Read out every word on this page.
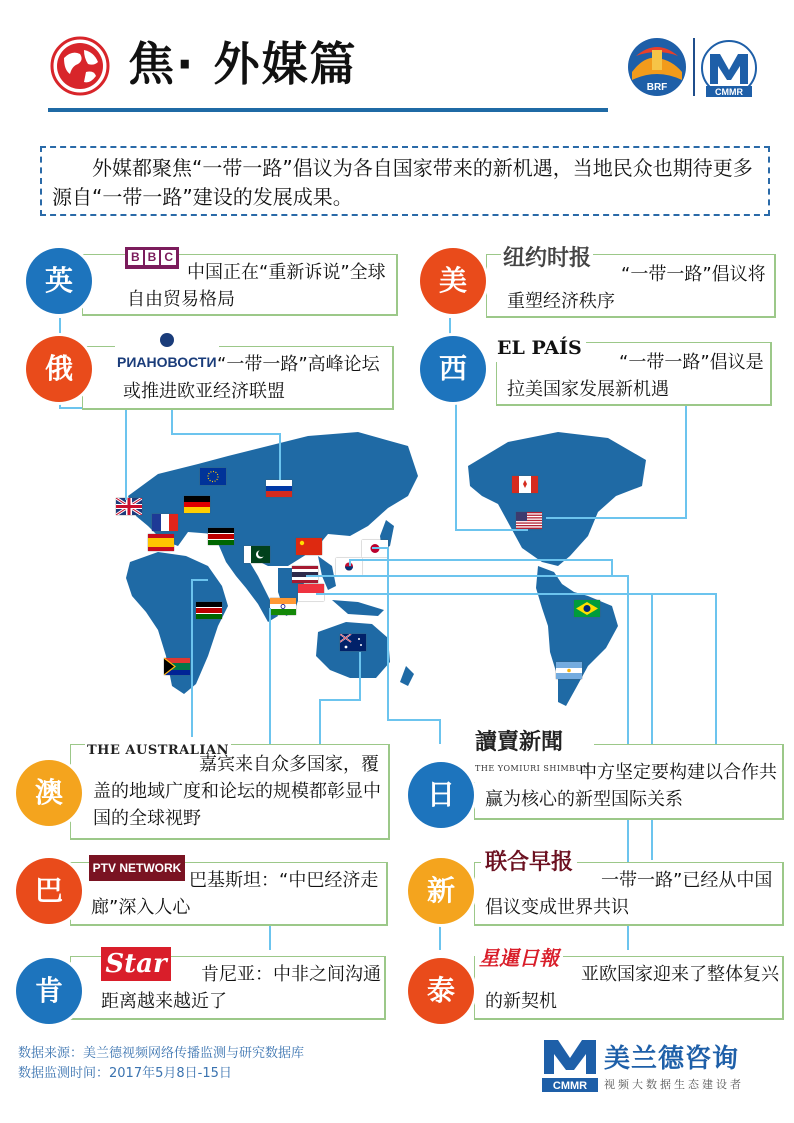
焦· 外媒篇	BRF	CMMR
外媒都聚焦“一带一路”倡议为各自国家带来的新机遇，当地民众也期待更多源自“一带一路”建设的发展成果。
B B C
中国正在“重新诉说”全球自由贸易格局
英
РИАНОВОСТИ “一带一路”高峰论坛或推进欧亚经济联盟
俄
纽约时报
“一带一路”倡议将重塑经济秩序
美
EL PAÍS
“一带一路”倡议是拉美国家发展新机遇
西
THE AUSTRALIAN
嘉宾来自众多国家，覆盖的地域广度和论坛的规模都彰显中国的全球视野
澳
讀賣新聞
THE YOMIURI SHIMBUN
中方坚定要构建以合作共赢为核心的新型国际关系
日
PTV NETWORK
巴基斯坦：“中巴经济走廊”深入人心
巴
联合早报
一带一路”已经从中国倡议变成世界共识
新
Star	肯尼亚：中非之间沟通距离越来越近了
肯
星暹日報
亚欧国家迎来了整体复兴的新契机
泰
数据来源：美兰德视频网络传播监测与研究数据库
数据监测时间：2017年5月8日-15日
CMMR
美兰德咨询
视频大数据生态建设者
